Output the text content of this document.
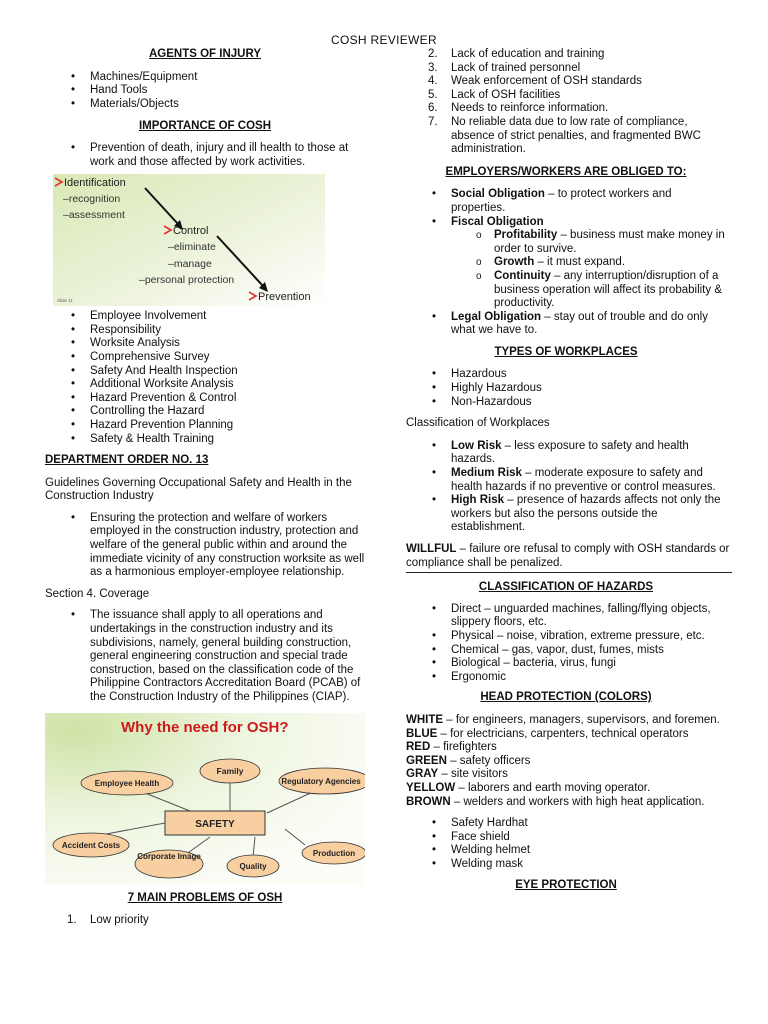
COSH REVIEWER

AGENTS OF INJURY

• Machines/Equipment
• Hand Tools
• Materials/Objects

IMPORTANCE OF COSH

• Prevention of death, injury and ill health to those at work and those affected by work activities.
Identification
–recognition
–assessment
Control
–eliminate
–manage
–personal protection
Prevention
Slide 11
• Employee Involvement
• Responsibility
• Worksite Analysis
• Comprehensive Survey
• Safety And Health Inspection
• Additional Worksite Analysis
• Hazard Prevention & Control
• Controlling the Hazard
• Hazard Prevention Planning
• Safety & Health Training

DEPARTMENT ORDER NO. 13

Guidelines Governing Occupational Safety and Health in the Construction Industry

• Ensuring the protection and welfare of workers employed in the construction industry, protection and welfare of the general public within and around the immediate vicinity of any construction worksite as well as a harmonious employer-employee relationship.

Section 4. Coverage

• The issuance shall apply to all operations and undertakings in the construction industry and its subdivisions, namely, general building construction, general engineering construction and special trade construction, based on the classification code of the Philippine Contractors Accreditation Board (PCAB) of the Construction Industry of the Philippines (CIAP).
Why the need for OSH?
SAFETY
Family
Employee Health	Regulatory Agencies
Accident Costs
Corporate Image
Quality
Production

7 MAIN PROBLEMS OF OSH

1. Low priority
2. Lack of education and training
3. Lack of trained personnel
4. Weak enforcement of OSH standards
5. Lack of OSH facilities
6. Needs to reinforce information.
7. No reliable data due to low rate of compliance, absence of strict penalties, and fragmented BWC administration.

EMPLOYERS/WORKERS ARE OBLIGED TO:

• Social Obligation – to protect workers and properties.
• Fiscal Obligation
o Profitability – business must make money in order to survive.
o Growth – it must expand.
o Continuity – any interruption/disruption of a business operation will affect its probability & productivity.
• Legal Obligation – stay out of trouble and do only what we have to.

TYPES OF WORKPLACES

• Hazardous
• Highly Hazardous
• Non-Hazardous

Classification of Workplaces

• Low Risk – less exposure to safety and health hazards.
• Medium Risk – moderate exposure to safety and health hazards if no preventive or control measures.
• High Risk – presence of hazards affects not only the workers but also the persons outside the establishment.

WILLFUL – failure ore refusal to comply with OSH standards or compliance shall be penalized.

CLASSIFICATION OF HAZARDS

• Direct – unguarded machines, falling/flying objects, slippery floors, etc.
• Physical – noise, vibration, extreme pressure, etc.
• Chemical – gas, vapor, dust, fumes, mists
• Biological – bacteria, virus, fungi
• Ergonomic

HEAD PROTECTION (COLORS)

WHITE – for engineers, managers, supervisors, and foremen.

BLUE – for electricians, carpenters, technical operators

RED – firefighters

GREEN – safety officers

GRAY – site visitors

YELLOW – laborers and earth moving operator.

BROWN – welders and workers with high heat application.

• Safety Hardhat
• Face shield
• Welding helmet
• Welding mask

EYE PROTECTION
